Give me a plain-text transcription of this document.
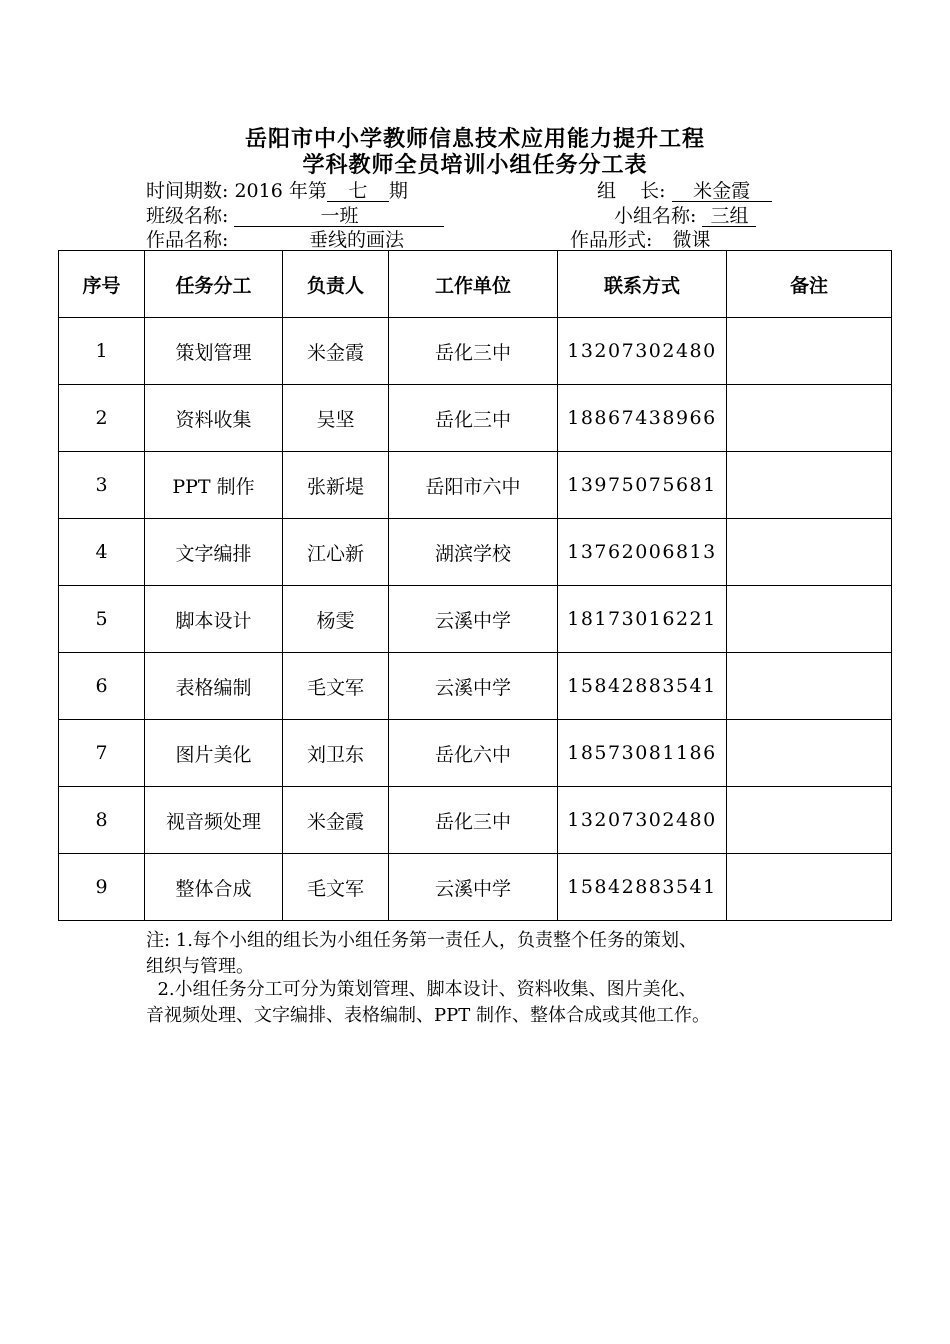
岳阳市中小学教师信息技术应用能力提升工程
学科教师全员培训小组任务分工表
时间期数: 2016 年第 七 期	组    长: 米金霞
班级名称:	一班	小组名称: 三组
作品名称:	垂线的画法	作品形式: 微课
序号	任务分工	负责人	工作单位	联系方式	备注
1	策划管理	米金霞	岳化三中	13207302480	
2	资料收集	吴坚	岳化三中	18867438966	
3	PPT 制作	张新堤	岳阳市六中	13975075681	
4	文字编排	江心新	湖滨学校	13762006813	
5	脚本设计	杨雯	云溪中学	18173016221	
6	表格编制	毛文军	云溪中学	15842883541	
7	图片美化	刘卫东	岳化六中	18573081186	
8	视音频处理	米金霞	岳化三中	13207302480	
9	整体合成	毛文军	云溪中学	15842883541	
注: 1.每个小组的组长为小组任务第一责任人，负责整个任务的策划、
组织与管理。
2.小组任务分工可分为策划管理、脚本设计、资料收集、图片美化、
音视频处理、文字编排、表格编制、PPT 制作、整体合成或其他工作。
